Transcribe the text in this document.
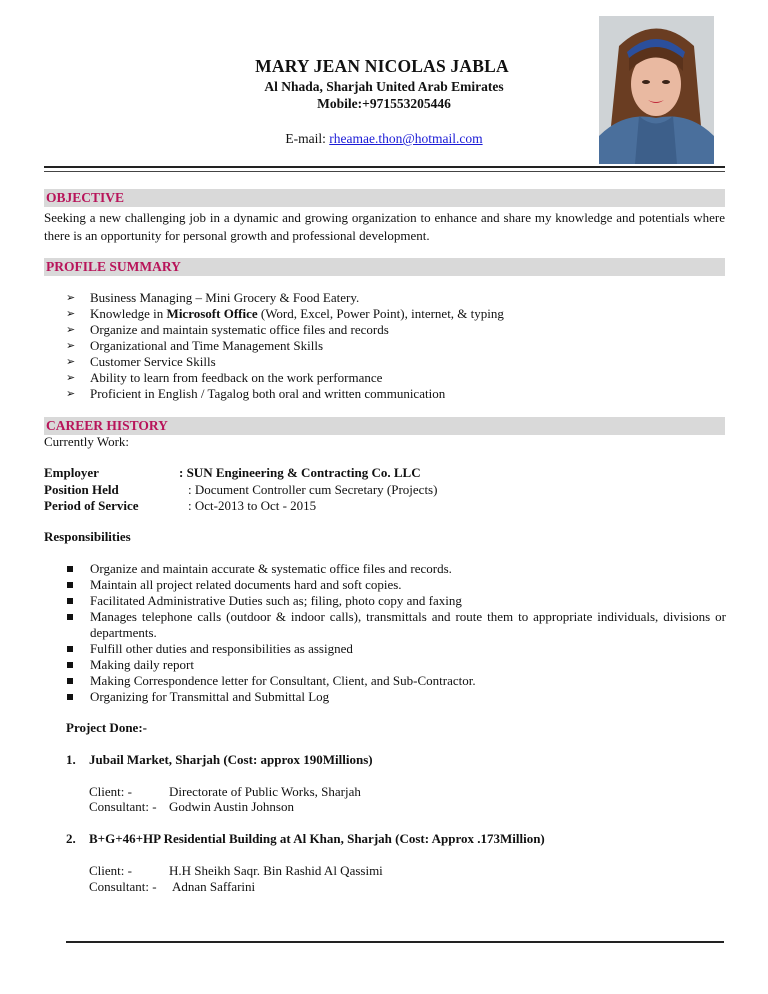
MARY JEAN NICOLAS JABLA
Al Nhada, Sharjah United Arab Emirates
Mobile:+971553205446
E-mail: rheamae.thon@hotmail.com
OBJECTIVE
Seeking a new challenging job in a dynamic and growing organization to enhance and share my knowledge and potentials where there is an opportunity for personal growth and professional development.
PROFILE SUMMARY
➢ Business Managing – Mini Grocery & Food Eatery.
➢ Knowledge in Microsoft Office (Word, Excel, Power Point), internet, & typing
➢ Organize and maintain systematic office files and records
➢ Organizational and Time Management Skills
➢ Customer Service Skills
➢ Ability to learn from feedback on the work performance
➢ Proficient in English / Tagalog both oral and written communication
CAREER HISTORY
Currently Work:
Employer	: SUN Engineering & Contracting Co. LLC
Position Held	: Document Controller cum Secretary (Projects)
Period of Service	: Oct-2013 to Oct - 2015
Responsibilities
Organize and maintain accurate & systematic office files and records.
Maintain all project related documents hard and soft copies.
Facilitated Administrative Duties such as; filing, photo copy and faxing
Manages telephone calls (outdoor & indoor calls), transmittals and route them to appropriate individuals, divisions or departments.
Fulfill other duties and responsibilities as assigned
Making daily report
Making Correspondence letter for Consultant, Client, and Sub-Contractor.
Organizing for Transmittal and Submittal Log
Project Done:-
1. Jubail Market, Sharjah (Cost: approx 190Millions)
Client: -	Directorate of Public Works, Sharjah
Consultant: - Godwin Austin Johnson
2. B+G+46+HP Residential Building at Al Khan, Sharjah (Cost: Approx .173Million)
Client: -	H.H Sheikh Saqr. Bin Rashid Al Qassimi
Consultant: - Adnan Saffarini
